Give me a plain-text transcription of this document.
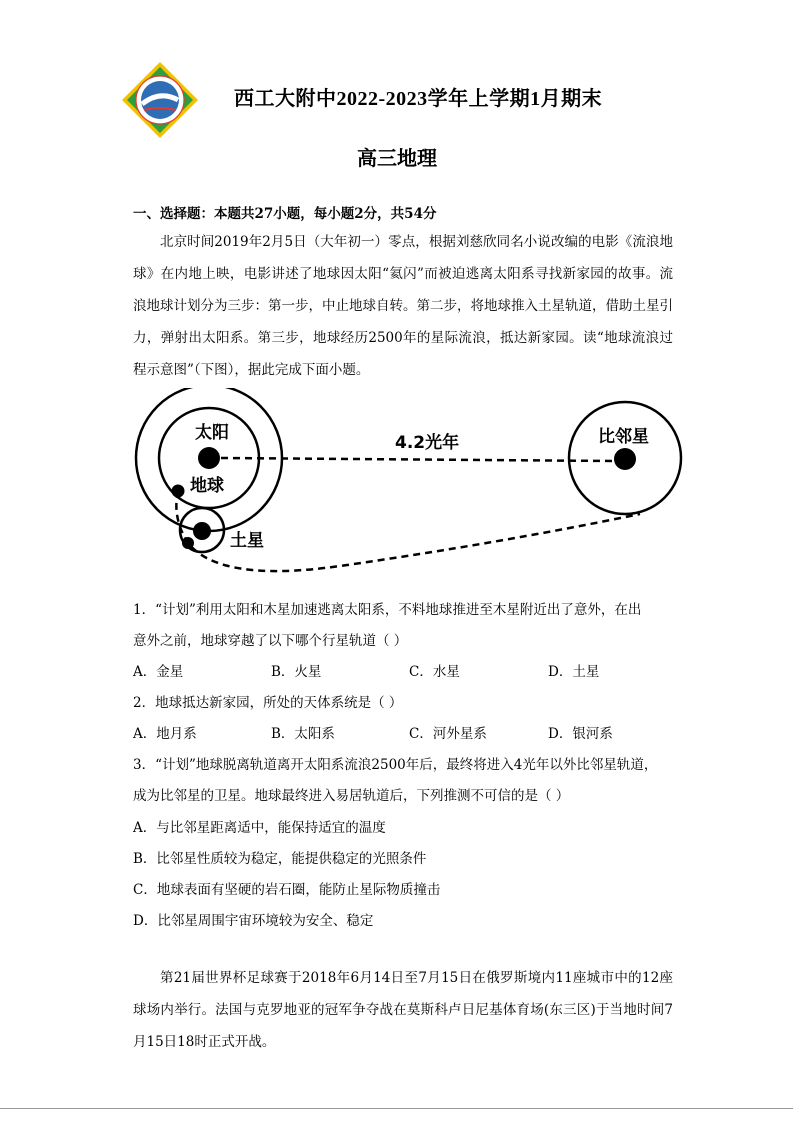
西工大附中2022-2023学年上学期1月期末
高三地理
一、选择题：本题共27小题，每小题2分，共54分
北京时间2019年2月5日（大年初一）零点，根据刘慈欣同名小说改编的电影《流浪地球》在内地上映，电影讲述了地球因太阳“氦闪”而被迫逃离太阳系寻找新家园的故事。流浪地球计划分为三步：第一步，中止地球自转。第二步，将地球推入土星轨道，借助土星引力，弹射出太阳系。第三步，地球经历2500年的星际流浪，抵达新家园。读“地球流浪过程示意图”（下图），据此完成下面小题。
太阳
地球
土星
比邻星
4.2光年
1．“计划”利用太阳和木星加速逃离太阳系，不料地球推进至木星附近出了意外，在出
意外之前，地球穿越了以下哪个行星轨道（ ）
A．金星	B．火星	C．水星	D．土星
2．地球抵达新家园，所处的天体系统是（ ）
A．地月系	B．太阳系	C．河外星系	D．银河系
3．“计划”地球脱离轨道离开太阳系流浪2500年后，最终将进入4光年以外比邻星轨道，
成为比邻星的卫星。地球最终进入易居轨道后，下列推测不可信的是（ ）
A．与比邻星距离适中，能保持适宜的温度
B．比邻星性质较为稳定，能提供稳定的光照条件
C．地球表面有坚硬的岩石圈，能防止星际物质撞击
D．比邻星周围宇宙环境较为安全、稳定
第21届世界杯足球赛于2018年6月14日至7月15日在俄罗斯境内11座城市中的12座球场内举行。法国与克罗地亚的冠军争夺战在莫斯科卢日尼基体育场(东三区)于当地时间7月15日18时正式开战。
